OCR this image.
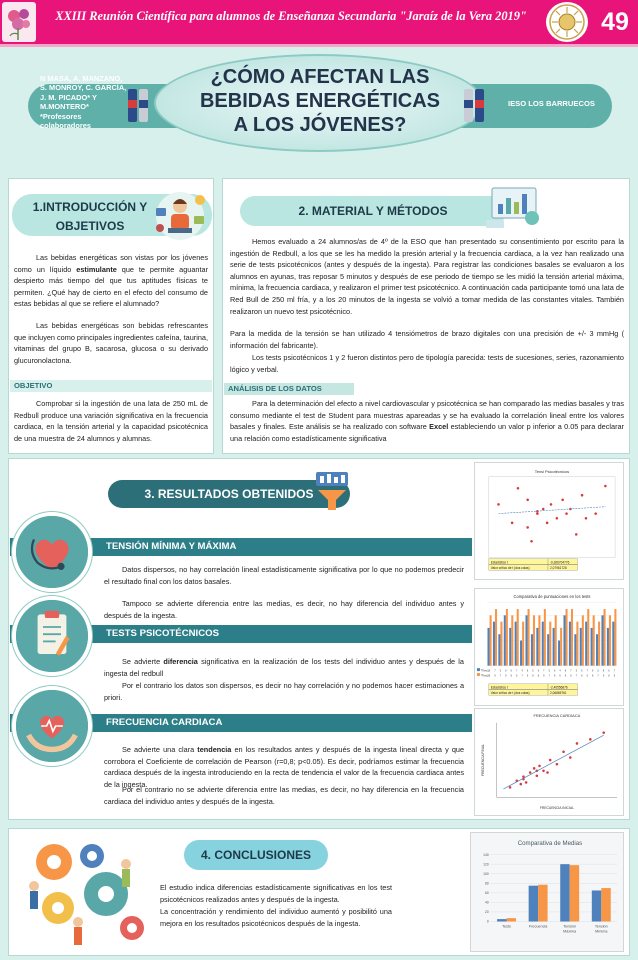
XXIII Reunión Científica para alumnos de Enseñanza Secundaria "Jaraíz de la Vera 2019"	49
N MASA, A. MANZANO,
S. MONROY, C. GARCÍA,
J. M. PICADO* Y
M.MONTERO*
*Profesores
colaboradores
¿CÓMO AFECTAN LAS
BEBIDAS ENERGÉTICAS
A LOS JÓVENES?
IESO LOS BARRUECOS
1.INTRODUCCIÓN Y
OBJETIVOS
Las bebidas energéticas son vistas por los jóvenes como un líquido estimulante que te permite aguantar despierto más tiempo del que tus aptitudes físicas te permiten. ¿Qué hay de cierto en el efecto del consumo de estas bebidas al que se refiere el alumnado?
Las bebidas energéticas son bebidas refrescantes que incluyen como principales ingredientes cafeína, taurina, vitaminas del grupo B, sacarosa, glucosa o su derivado glucuronolactona.
OBJETIVO
Comprobar si la ingestión de una lata de 250 mL de Redbull produce una variación significativa en la frecuencia cardiaca, en la tensión arterial y la capacidad psicotécnica de una muestra de 24 alumnos y alumnas.
2. MATERIAL Y MÉTODOS
Hemos evaluado a 24 alumnos/as de 4º de la ESO que han presentado su consentimiento por escrito para la ingestión de Redbull, a los que se les ha medido la presión arterial y la frecuencia cardiaca, a la vez han realizado una serie de tests psicotécnicos (antes y después de la ingesta). Para registrar las condiciones basales se evaluaron a los alumnos en ayunas, tras reposar 5 minutos y después de ese periodo de tiempo se les midió la tensión arterial máxima, mínima, la frecuencia cardiaca, y realizaron el primer test psicotécnico. A continuación cada participante tomó una lata de Red Bull de 250 ml fría, y a los 20 minutos de la ingesta se volvió a tomar medida de las constantes vitales. También realizaron un nuevo test psicotécnico.
Para la medida de la tensión se han utilizado 4 tensiómetros de brazo digitales con una precisión de +/- 3 mmHg ( información del fabricante).
Los tests psicotécnicos 1 y 2 fueron distintos pero de tipología parecida: tests de sucesiones, series, razonamiento lógico y verbal.
ANÁLISIS DE LOS DATOS
Para la determinación del efecto a nivel cardiovascular y psicotécnica se han comparado las medias basales y tras consumo mediante el test de Student para muestras apareadas y se ha evaluado la correlación lineal entre los valores basales y finales. Este análisis se ha realizado con software Excel estableciendo un valor p inferior a 0.05 para declarar una relación como estadísticamente significativa
3. RESULTADOS OBTENIDOS
TENSIÓN MÍNIMA Y MÁXIMA
Datos dispersos, no hay correlación lineal estadísticamente significativa por lo que no podemos predecir el resultado final con los datos basales.
Tampoco se advierte diferencia entre las medias, es decir, no hay diferencia del individuo antes y después de la ingesta.
TESTS PSICOTÉCNICOS
Se advierte diferencia significativa en la realización de los tests del individuo antes y después de la ingesta del redbull
Por el contrario los datos son dispersos, es decir no hay correlación y no podemos hacer estimaciones a priori.
FRECUENCIA CARDIACA
Se advierte una clara tendencia en los resultados antes y después de la ingesta lineal directa y que corrobora el Coeficiente de correlación de Pearson (r=0,8; p<0.05). Es decir, podríamos estimar la frecuencia cardiaca después de la ingesta introduciendo en la recta de tendencia el valor de la frecuencia cardiaca antes de la ingesta.
Por el contrario no se advierte diferencia entre las medias, es decir, no hay diferencia en la frecuencia cardiaca del individuo antes y después de la ingesta.
Tensi Psicotécnicos
Estadístico t	-0,306704776
Valor crítico de t (dos colas)	2,07961728
Comparativa de puntuaciones en los tests
ºTest1 6 7 5 8 6 7 4 8 5 6 7 5 6 4 8 7 5 6 7 6 5 8 6 7
ºTest2 8 9 7 9 8 9 7 9 8 8 9 7 8 6 9 9 7 8 9 8 7 9 8 9
Estadístico t	-2,40556876
Valor crítico de t (dos colas)	2,06865761
FRECUENCIA CARDIACA
FRECUENCIA INICIAL
FRECUENCIA FINAL
4. CONCLUSIONES
El estudio indica diferencias estadísticamente significativas en los test psicotécnicos realizados antes y después de la ingesta.
La concentración y rendimiento del individuo aumentó y posibilitó una mejora en los resultados psicotécnicos después de la ingesta.
Comparativa de Medias
0
20
40
60
80
100
120
140
Tests	Frecuencia	Tensión
Máxima
Tensión
Mínima
